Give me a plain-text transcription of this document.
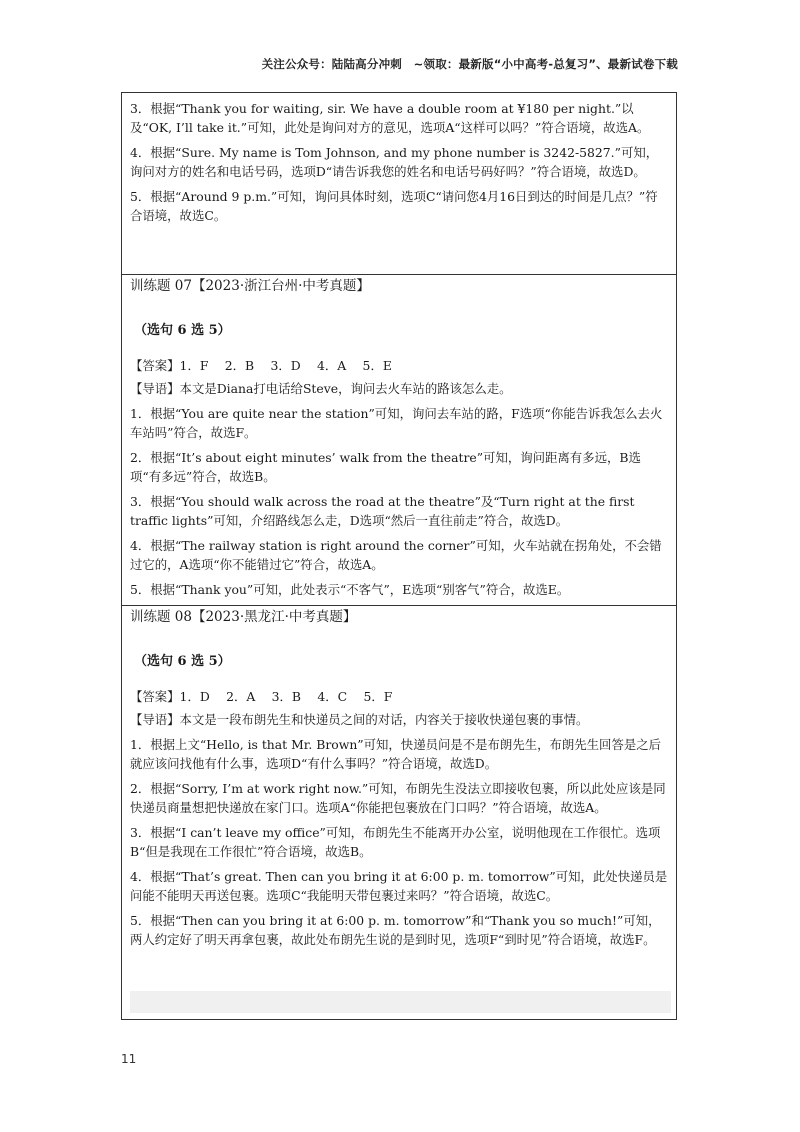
关注公众号：陆陆高分冲刺　~领取：最新版“小中高考-总复习”、最新试卷下载

3．根据“Thank you for waiting, sir. We have a double room at ¥180 per night.”以及“OK, I’ll take it.”可知，此处是询问对方的意见，选项A“这样可以吗？”符合语境，故选A。

4．根据“Sure. My name is Tom Johnson, and my phone number is 3242-5827.”可知，询问对方的姓名和电话号码，选项D“请告诉我您的姓名和电话号码好吗？”符合语境，故选D。

5．根据“Around 9 p.m.”可知，询问具体时刻，选项C“请问您4月16日到达的时间是几点？”符合语境，故选C。

训练题 07【2023·浙江台州·中考真题】

（选句 6 选 5）

【答案】1．F　 2．B　 3．D　 4．A　 5．E

【导语】本文是Diana打电话给Steve，询问去火车站的路该怎么走。

1．根据“You are quite near the station”可知，询问去车站的路，F选项“你能告诉我怎么去火车站吗”符合，故选F。

2．根据“It’s about eight minutes’ walk from the theatre”可知，询问距离有多远，B选项“有多远”符合，故选B。

3．根据“You should walk across the road at the theatre”及“Turn right at the first traffic lights”可知，介绍路线怎么走，D选项“然后一直往前走”符合，故选D。

4．根据“The railway station is right around the corner”可知，火车站就在拐角处，不会错过它的，A选项“你不能错过它”符合，故选A。

5．根据“Thank you”可知，此处表示“不客气”，E选项“别客气”符合，故选E。

训练题 08【2023·黑龙江·中考真题】

（选句 6 选 5）

【答案】1．D　 2．A　 3．B　 4．C　 5．F

【导语】本文是一段布朗先生和快递员之间的对话，内容关于接收快递包裹的事情。

1．根据上文“Hello, is that Mr. Brown”可知，快递员问是不是布朗先生，布朗先生回答是之后就应该问找他有什么事，选项D“有什么事吗？”符合语境，故选D。

2．根据“Sorry, I’m at work right now.”可知，布朗先生没法立即接收包裹，所以此处应该是同快递员商量想把快递放在家门口。选项A“你能把包裹放在门口吗？”符合语境，故选A。

3．根据“I can’t leave my office”可知，布朗先生不能离开办公室，说明他现在工作很忙。选项B“但是我现在工作很忙”符合语境，故选B。

4．根据“That’s great. Then can you bring it at 6:00 p. m. tomorrow”可知，此处快递员是问能不能明天再送包裹。选项C“我能明天带包裹过来吗？”符合语境，故选C。

5．根据“Then can you bring it at 6:00 p. m. tomorrow”和“Thank you so much!”可知，两人约定好了明天再拿包裹，故此处布朗先生说的是到时见，选项F“到时见”符合语境，故选F。

11
